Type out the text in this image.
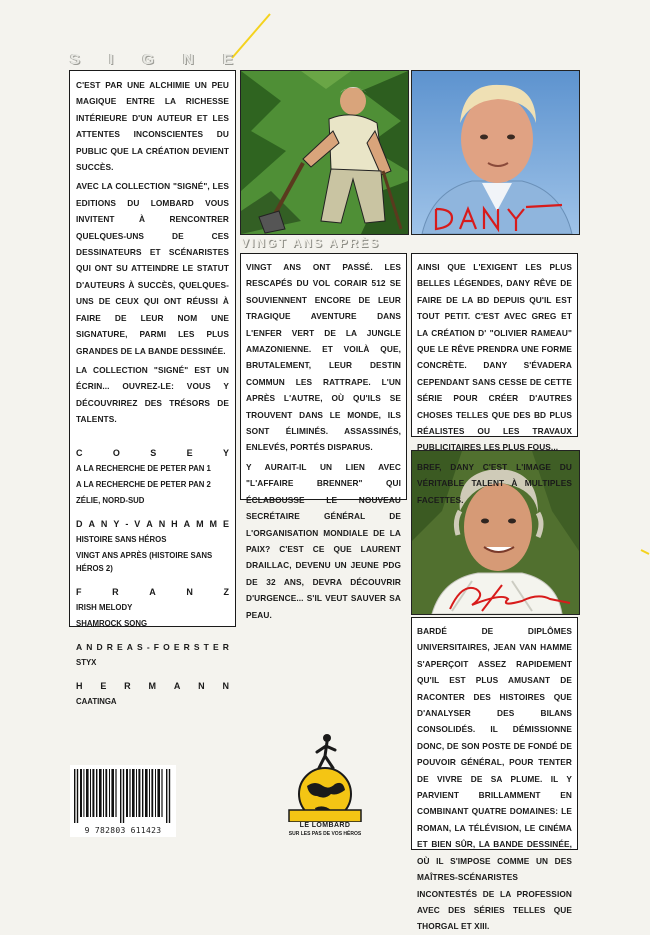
S I G N E

C'EST PAR UNE ALCHIMIE UN PEU MAGIQUE ENTRE LA RICHESSE INTÉRIEURE D'UN AUTEUR ET LES ATTENTES INCONSCIENTES DU PUBLIC QUE LA CRÉATION DEVIENT SUCCÈS.

AVEC LA COLLECTION "SIGNÉ", LES EDITIONS DU LOMBARD VOUS INVITENT À RENCONTRER QUELQUES-UNS DE CES DESSINATEURS ET SCÉNARISTES QUI ONT SU ATTEINDRE LE STATUT D'AUTEURS À SUCCÈS, QUELQUES-UNS DE CEUX QUI ONT RÉUSSI À FAIRE DE LEUR NOM UNE SIGNATURE, PARMI LES PLUS GRANDES DE LA BANDE DESSINÉE.

LA COLLECTION "SIGNÉ" EST UN ÉCRIN... OUVREZ-LE: VOUS Y DÉCOUVRIREZ DES TRÉSORS DE TALENTS.

C	O	S	E	Y
A LA RECHERCHE DE PETER PAN 1
A LA RECHERCHE DE PETER PAN 2
ZÉLIE, NORD-SUD
D A N Y - V A N H A M M E
HISTOIRE SANS HÉROS
VINGT ANS APRÈS (HISTOIRE SANS HÉROS 2)
F	R	A	N	Z
IRISH MELODY
SHAMROCK SONG
A N D R E A S - F O E R S T E R
STYX
H E R M A N N
CAATINGA
VINGT ANS APRÈS

VINGT ANS ONT PASSÉ. LES RESCAPÉS DU VOL CORAIR 512 SE SOUVIENNENT ENCORE DE LEUR TRAGIQUE AVENTURE DANS L'ENFER VERT DE LA JUNGLE AMAZONIENNE. ET VOILÀ QUE, BRUTALEMENT, LEUR DESTIN COMMUN LES RATTRAPE. L'UN APRÈS L'AUTRE, OÙ QU'ILS SE TROUVENT DANS LE MONDE, ILS SONT ÉLIMINÉS. ASSASSINÉS, ENLEVÉS, PORTÉS DISPARUS.

Y AURAIT-IL UN LIEN AVEC "L'AFFAIRE BRENNER" QUI ÉCLABOUSSE LE NOUVEAU SECRÉTAIRE GÉNÉRAL DE L'ORGANISATION MONDIALE DE LA PAIX? C'EST CE QUE LAURENT DRAILLAC, DEVENU UN JEUNE PDG DE 32 ANS, DEVRA DÉCOUVRIR D'URGENCE... S'IL VEUT SAUVER SA PEAU.

AINSI QUE L'EXIGENT LES PLUS BELLES LÉGENDES, DANY RÊVE DE FAIRE DE LA BD DEPUIS QU'IL EST TOUT PETIT. C'EST AVEC GREG ET LA CRÉATION D' "OLIVIER RAMEAU" QUE LE RÊVE PRENDRA UNE FORME CONCRÈTE. DANY S'ÉVADERA CEPENDANT SANS CESSE DE CETTE SÉRIE POUR CRÉER D'AUTRES CHOSES TELLES QUE DES BD PLUS RÉALISTES OU LES TRAVAUX PUBLICITAIRES LES PLUS FOUS...

BREF, DANY C'EST L'IMAGE DU VÉRITABLE TALENT À MULTIPLES FACETTES.

BARDÉ DE DIPLÔMES UNIVERSITAIRES, JEAN VAN HAMME S'APERÇOIT ASSEZ RAPIDEMENT QU'IL EST PLUS AMUSANT DE RACONTER DES HISTOIRES QUE D'ANALYSER DES BILANS CONSOLIDÉS. IL DÉMISSIONNE DONC, DE SON POSTE DE FONDÉ DE POUVOIR GÉNÉRAL, POUR TENTER DE VIVRE DE SA PLUME. IL Y PARVIENT BRILLAMMENT EN COMBINANT QUATRE DOMAINES: LE ROMAN, LA TÉLÉVISION, LE CINÉMA ET BIEN SÛR, LA BANDE DESSINÉE, OÙ IL S'IMPOSE COMME UN DES MAÎTRES-SCÉNARISTES INCONTESTÉS DE LA PROFESSION AVEC DES SÉRIES TELLES QUE THORGAL ET XIII.

9 782803 611423
LE LOMBARD
SUR LES PAS DE VOS HÉROS
